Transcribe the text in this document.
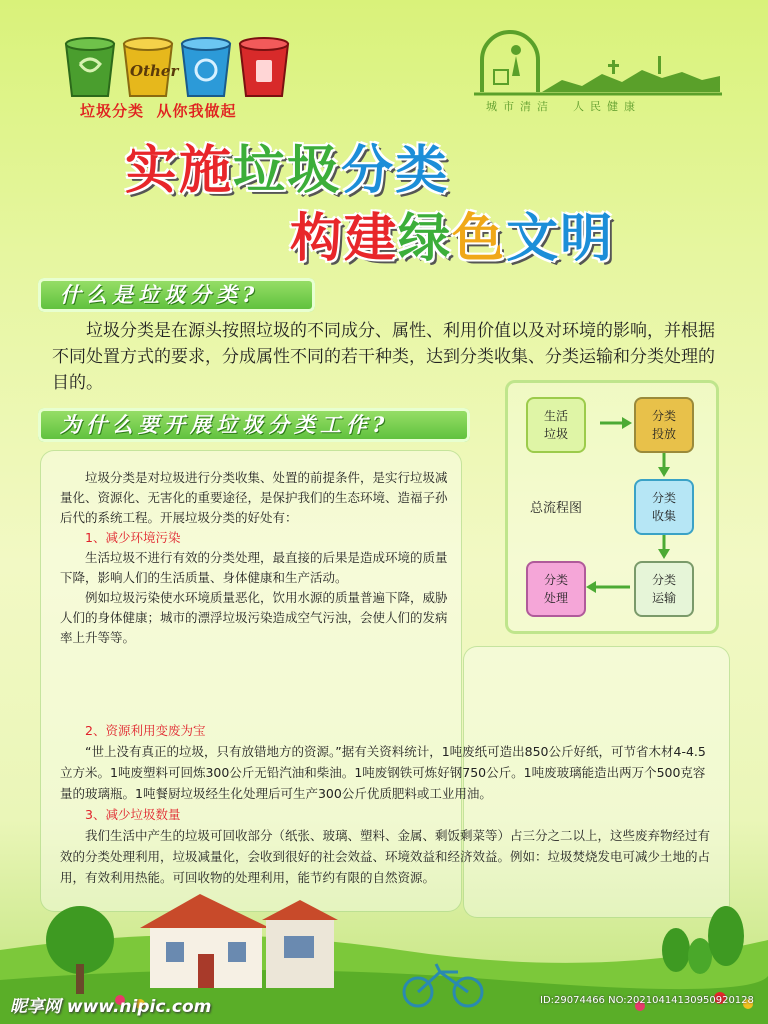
Other
垃圾分类  从你我做起	城市清洁  人民健康
实施垃圾分类
构建绿色文明
什么是垃圾分类?
垃圾分类是在源头按照垃圾的不同成分、属性、利用价值以及对环境的影响，并根据不同处置方式的要求，分成属性不同的若干种类，达到分类收集、分类运输和分类处理的目的。
为什么要开展垃圾分类工作?

垃圾分类是对垃圾进行分类收集、处置的前提条件，是实行垃圾减量化、资源化、无害化的重要途径，是保护我们的生态环境、造福子孙后代的系统工程。开展垃圾分类的好处有：

1、减少环境污染

生活垃圾不进行有效的分类处理，最直接的后果是造成环境的质量下降，影响人们的生活质量、身体健康和生产活动。

例如垃圾污染使水环境质量恶化，饮用水源的质量普遍下降，威胁人们的身体健康；城市的漂浮垃圾污染造成空气污浊，会使人们的发病率上升等等。

2、资源利用变废为宝

“世上没有真正的垃圾，只有放错地方的资源。”据有关资料统计，1吨废纸可造出850公斤好纸，可节省木材4-4.5立方米。1吨废塑料可回炼300公斤无铅汽油和柴油。1吨废钢铁可炼好钢750公斤。1吨废玻璃能造出两万个500克容量的玻璃瓶。1吨餐厨垃圾经生化处理后可生产300公斤优质肥料或工业用油。

3、减少垃圾数量

我们生活中产生的垃圾可回收部分（纸张、玻璃、塑料、金属、剩饭剩菜等）占三分之二以上，这些废弃物经过有效的分类处理利用，垃圾减量化，会收到很好的社会效益、环境效益和经济效益。例如：垃圾焚烧发电可减少土地的占用，有效利用热能。可回收物的处理利用，能节约有限的自然资源。

生活
垃圾
分类
投放
分类
收集
分类
运输
分类
处理
总流程图
昵享网 www.nipic.com	ID:29074466 NO:20210414130950920128
